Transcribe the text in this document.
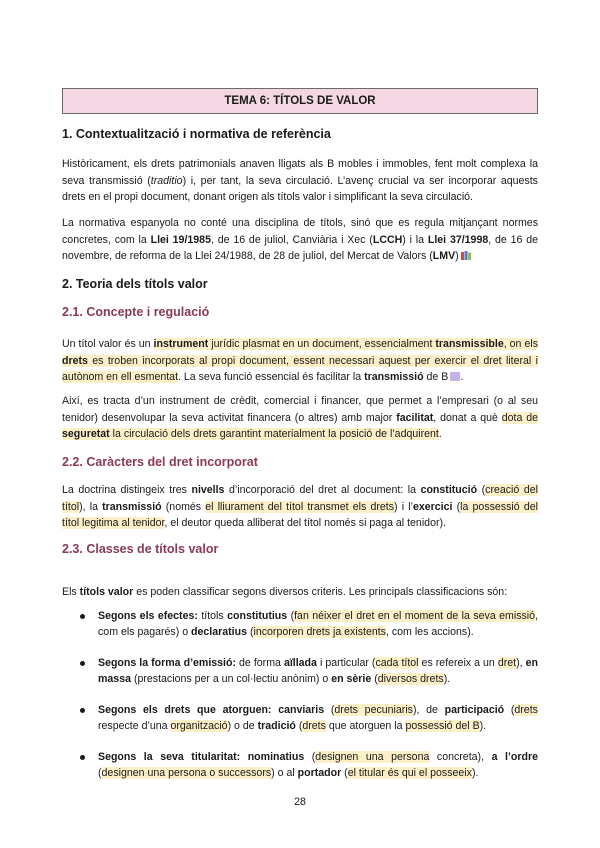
TEMA 6: TÍTOLS DE VALOR
1. Contextualització i normativa de referència

Històricament, els drets patrimonials anaven lligats als B mobles i immobles, fent molt complexa la seva transmissió (traditio) i, per tant, la seva circulació. L’avenç crucial va ser incorporar aquests drets en el propi document, donant origen als títols valor i simplificant la seva circulació.

La normativa espanyola no conté una disciplina de títols, sinó que es regula mitjançant normes concretes, com la Llei 19/1985, de 16 de juliol, Canviària i Xec (LCCH) i la Llei 37/1998, de 16 de novembre, de reforma de la Llei 24/1988, de 28 de juliol, del Mercat de Valors (LMV)

2. Teoria dels títols valor
2.1. Concepte i regulació

Un títol valor és un instrument jurídic plasmat en un document, essencialment transmissible, on els drets es troben incorporats al propi document, essent necessari aquest per exercir el dret literal i autònom en ell esmentat. La seva funció essencial és facilitar la transmissió de B .

Així, es tracta d’un instrument de crèdit, comercial i financer, que permet a l’empresari (o al seu tenidor) desenvolupar la seva activitat financera (o altres) amb major facilitat, donat a què dota de seguretat la circulació dels drets garantint materialment la posició de l’adquirent.

2.2. Caràcters del dret incorporat

La doctrina distingeix tres nivells d’incorporació del dret al document: la constitució (creació del títol), la transmissió (només el lliurament del títol transmet els drets) i l’exercici (la possessió del títol legitima al tenidor, el deutor queda alliberat del títol només si paga al tenidor).

2.3. Classes de títols valor

Els títols valor es poden classificar segons diversos criteris. Les principals classificacions són:

Segons els efectes: títols constitutius (fan néixer el dret en el moment de la seva emissió, com els pagarés) o declaratius (incorporen drets ja existents, com les accions).
Segons la forma d’emissió: de forma aïllada i particular (cada títol es refereix a un dret), en massa (prestacions per a un col·lectiu anònim) o en sèrie (diversos drets).
Segons els drets que atorguen: canviaris (drets pecuniaris), de participació (drets respecte d’una organització) o de tradició (drets que atorguen la possessió del B).
Segons la seva titularitat: nominatius (designen una persona concreta), a l’ordre (designen una persona o successors) o al portador (el titular és qui el posseeix).
28
